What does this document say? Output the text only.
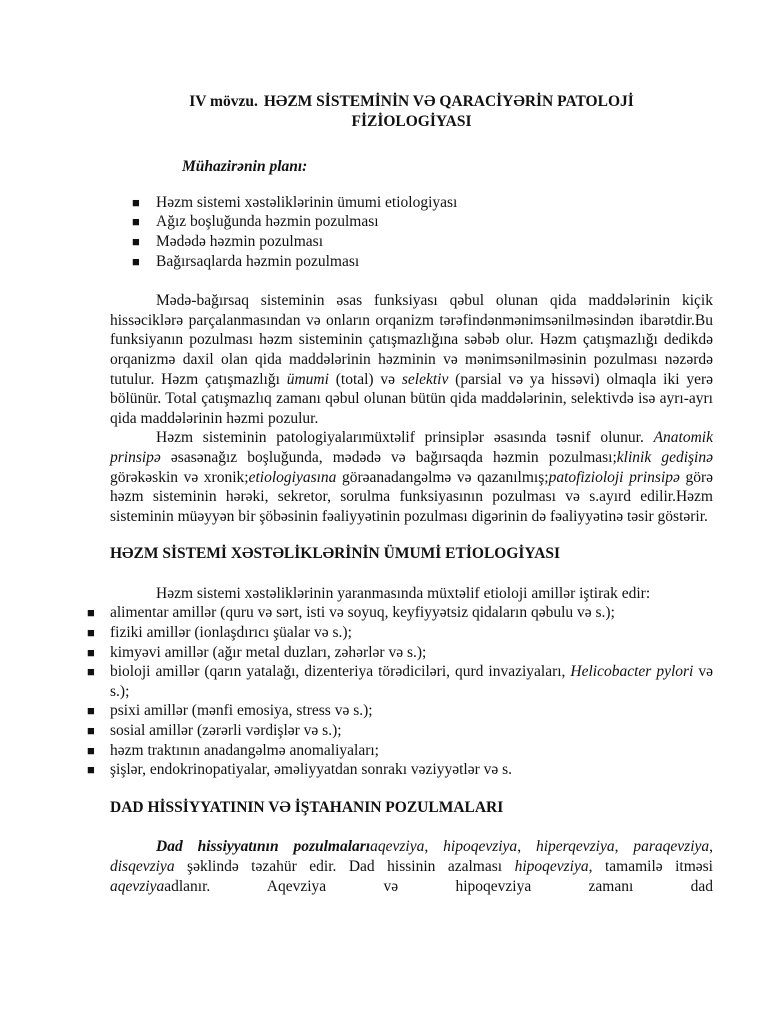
IV mövzu. HƏZM SİSTEMİNİN VƏ QARACİYƏRİN PATOLOJİ
FİZİOLOGİYASI

Mühazirənin planı:

■ Həzm sistemi xəstəliklərinin ümumi etiologiyası
■ Ağız boşluğunda həzmin pozulması
■ Mədədə həzmin pozulması
■ Bağırsaqlarda həzmin pozulması

Mədə-bağırsaq sisteminin əsas funksiyası qəbul olunan qida maddələrinin kiçik hissəciklərə parçalanmasından və onların orqanizm tərəfindənmənimsənilməsindən ibarətdir.Bu funksiyanın pozulması həzm sisteminin çatışmazlığına səbəb olur. Həzm çatışmazlığı dedikdə orqanizmə daxil olan qida maddələrinin həzminin və mənimsənilməsinin pozulması nəzərdə tutulur. Həzm çatışmazlığı ümumi (total) və selektiv (parsial və ya hissəvi) olmaqla iki yerə bölünür. Total çatışmazlıq zamanı qəbul olunan bütün qida maddələrinin, selektivdə isə ayrı-ayrı qida maddələrinin həzmi pozulur.

Həzm sisteminin patologiyalarımüxtəlif prinsiplər əsasında təsnif olunur. Anatomik prinsipə əsasənağız boşluğunda, mədədə və bağırsaqda həzmin pozulması;klinik gedişinə görəkəskin və xronik;etiologiyasına görəanadangəlmə və qazanılmış;patofizioloji prinsipə görə həzm sisteminin hərəki, sekretor, sorulma funksiyasının pozulması və s.ayırd edilir.Həzm sisteminin müəyyən bir şöbəsinin fəaliyyətinin pozulması digərinin də fəaliyyətinə təsir göstərir.

HƏZM SİSTEMİ XƏSTƏLİKLƏRİNİN ÜMUMİ ETİOLOGİYASI

Həzm sistemi xəstəliklərinin yaranmasında müxtəlif etioloji amillər iştirak edir:

■ alimentar amillər (quru və sərt, isti və soyuq, keyfiyyətsiz qidaların qəbulu və s.);
■ fiziki amillər (ionlaşdırıcı şüalar və s.);
■ kimyəvi amillər (ağır metal duzları, zəhərlər və s.);
■ bioloji amillər (qarın yatalağı, dizenteriya törədiciləri, qurd invaziyaları, Helicobacter pylori və s.);
■ psixi amillər (mənfi emosiya, stress və s.);
■ sosial amillər (zərərli vərdişlər və s.);
■ həzm traktının anadangəlmə anomaliyaları;
■ şişlər, endokrinopatiyalar, əməliyyatdan sonrakı vəziyyətlər və s.
DAD HİSSİYYATININ VƏ İŞTAHANIN POZULMALARI

Dad hissiyyatının pozulmalarıaqevziya, hipoqevziya, hiperqevziya, paraqevziya, disqevziya şəklində təzahür edir. Dad hissinin azalması hipoqevziya, tamamilə itməsi aqevziyaadlanır. Aqevziya və hipoqevziya zamanı dad
